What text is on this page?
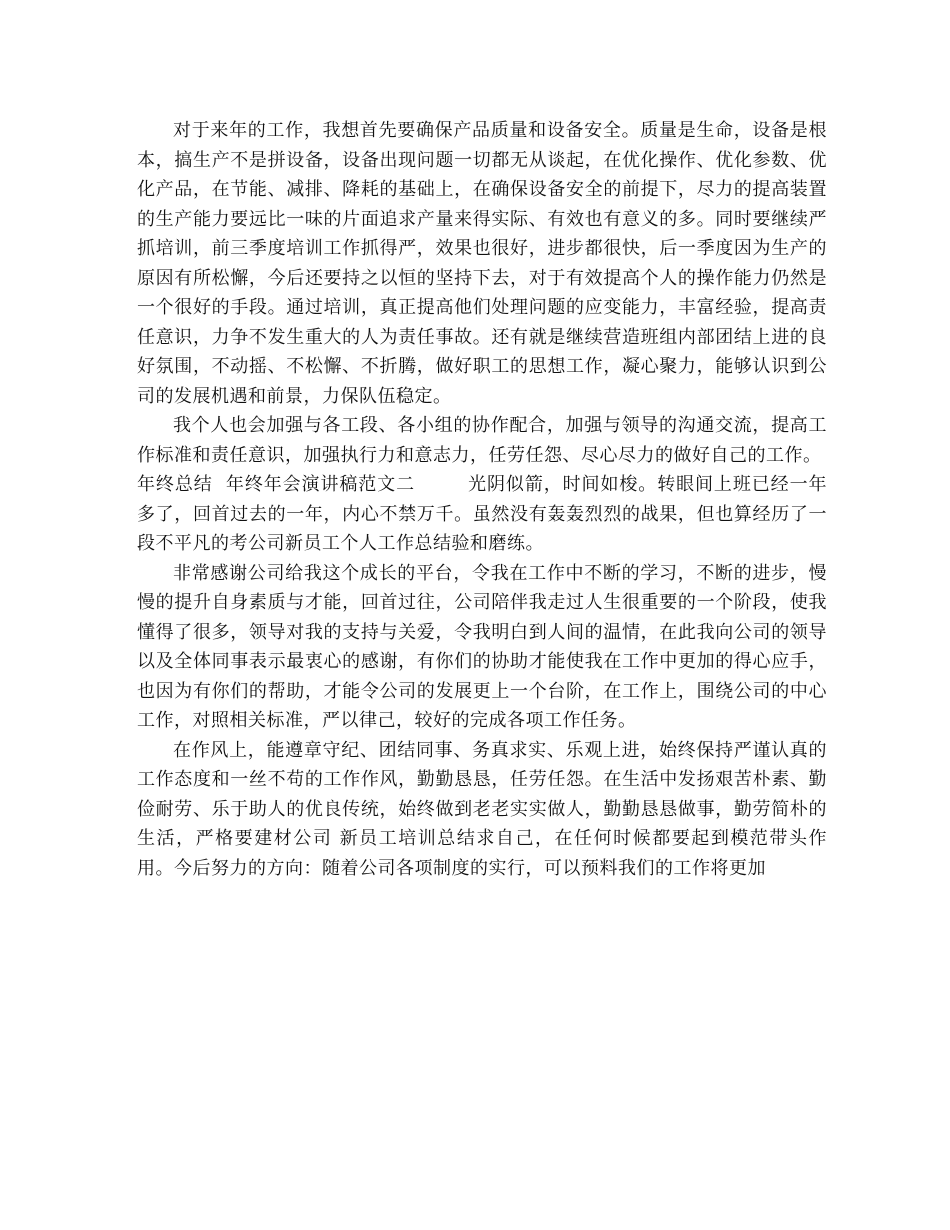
对于来年的工作，我想首先要确保产品质量和设备安全。质量是生命，设备是根本，搞生产不是拼设备，设备出现问题一切都无从谈起，在优化操作、优化参数、优化产品，在节能、减排、降耗的基础上，在确保设备安全的前提下，尽力的提高装置的生产能力要远比一味的片面追求产量来得实际、有效也有意义的多。同时要继续严抓培训，前三季度培训工作抓得严，效果也很好，进步都很快，后一季度因为生产的原因有所松懈，今后还要持之以恒的坚持下去，对于有效提高个人的操作能力仍然是一个很好的手段。通过培训，真正提高他们处理问题的应变能力，丰富经验，提高责任意识，力争不发生重大的人为责任事故。还有就是继续营造班组内部团结上进的良好氛围，不动摇、不松懈、不折腾，做好职工的思想工作，凝心聚力，能够认识到公司的发展机遇和前景，力保队伍稳定。

我个人也会加强与各工段、各小组的协作配合，加强与领导的沟通交流，提高工作标准和责任意识，加强执行力和意志力，任劳任怨、尽心尽力的做好自己的工作。

年终总结  年终年会演讲稿范文二	光阴似箭，时间如梭。转眼间上班已经一年多了，回首过去的一年，内心不禁万千。虽然没有轰轰烈烈的战果，但也算经历了一段不平凡的考公司新员工个人工作总结验和磨练。

非常感谢公司给我这个成长的平台，令我在工作中不断的学习，不断的进步，慢慢的提升自身素质与才能，回首过往，公司陪伴我走过人生很重要的一个阶段，使我懂得了很多，领导对我的支持与关爱，令我明白到人间的温情，在此我向公司的领导以及全体同事表示最衷心的感谢，有你们的协助才能使我在工作中更加的得心应手，也因为有你们的帮助，才能令公司的发展更上一个台阶，在工作上，围绕公司的中心工作，对照相关标准，严以律己，较好的完成各项工作任务。

在作风上，能遵章守纪、团结同事、务真求实、乐观上进，始终保持严谨认真的工作态度和一丝不苟的工作作风，勤勤恳恳，任劳任怨。在生活中发扬艰苦朴素、勤俭耐劳、乐于助人的优良传统，始终做到老老实实做人，勤勤恳恳做事，勤劳简朴的生活，严格要建材公司 新员工培训总结求自己，在任何时候都要起到模范带头作用。今后努力的方向：随着公司各项制度的实行，可以预料我们的工作将更加
